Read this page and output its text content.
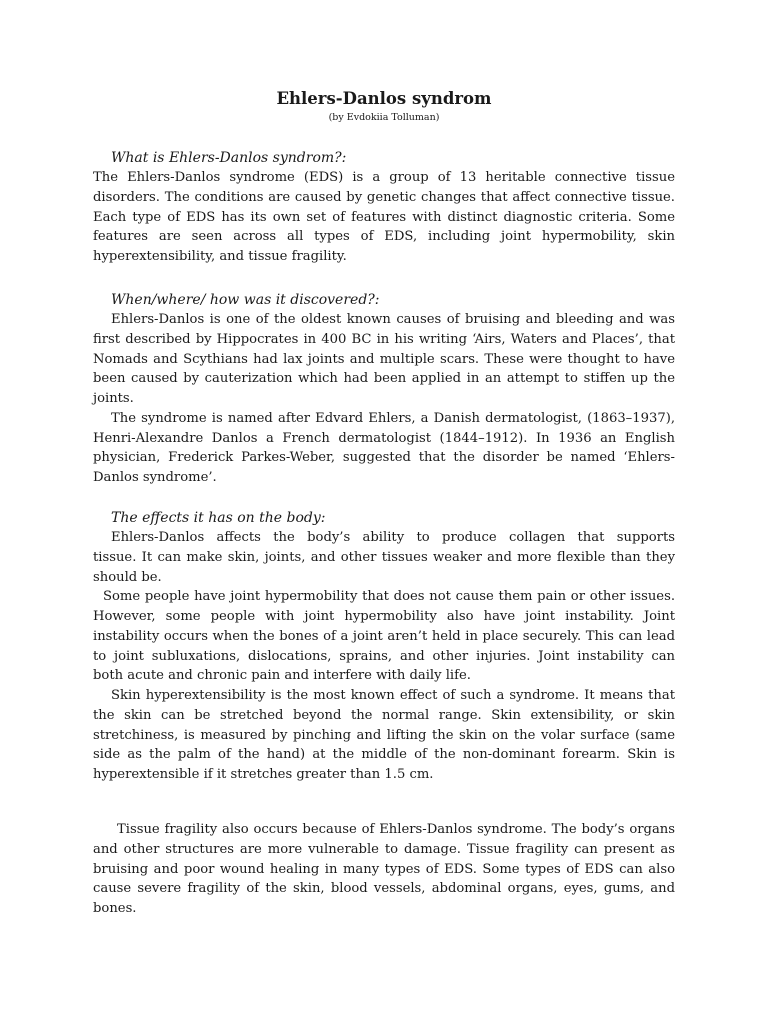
Ehlers-Danlos syndrom
(by Evdokiia Tolluman)
What is Ehlers-Danlos syndrom?:
The Ehlers-Danlos syndrome (EDS) is a group of 13 heritable connective tissue
disorders. The conditions are caused by genetic changes that affect connective tissue.
Each type of EDS has its own set of features with distinct diagnostic criteria. Some
features are seen across all types of EDS, including joint hypermobility, skin
hyperextensibility, and tissue fragility.
When/where/ how was it discovered?:
Ehlers-Danlos is one of the oldest known causes of bruising and bleeding and was
first described by Hippocrates in 400 BC in his writing ‘Airs, Waters and Places’, that
Nomads and Scythians had lax joints and multiple scars. These were thought to have
been caused by cauterization which had been applied in an attempt to stiffen up the
joints.
The syndrome is named after Edvard Ehlers, a Danish dermatologist, (1863–1937),
Henri-Alexandre Danlos a French dermatologist (1844–1912). In 1936 an English
physician, Frederick Parkes-Weber, suggested that the disorder be named ‘Ehlers-
Danlos syndrome’.
The effects it has on the body:
Ehlers-Danlos affects the body’s ability to produce collagen that supports
tissue. It can make skin, joints, and other tissues weaker and more flexible than they
should be.
Some people have joint hypermobility that does not cause them pain or other issues.
However, some people with joint hypermobility also have joint instability. Joint
instability occurs when the bones of a joint aren’t held in place securely. This can lead
to joint subluxations, dislocations, sprains, and other injuries. Joint instability can
both acute and chronic pain and interfere with daily life.
Skin hyperextensibility is the most known effect of such a syndrome. It means that
the skin can be stretched beyond the normal range. Skin extensibility, or skin
stretchiness, is measured by pinching and lifting the skin on the volar surface (same
side as the palm of the hand) at the middle of the non-dominant forearm. Skin is
hyperextensible if it stretches greater than 1.5 cm.
Tissue fragility also occurs because of Ehlers-Danlos syndrome. The body’s organs
and other structures are more vulnerable to damage. Tissue fragility can present as
bruising and poor wound healing in many types of EDS. Some types of EDS can also
cause severe fragility of the skin, blood vessels, abdominal organs, eyes, gums, and
bones.
